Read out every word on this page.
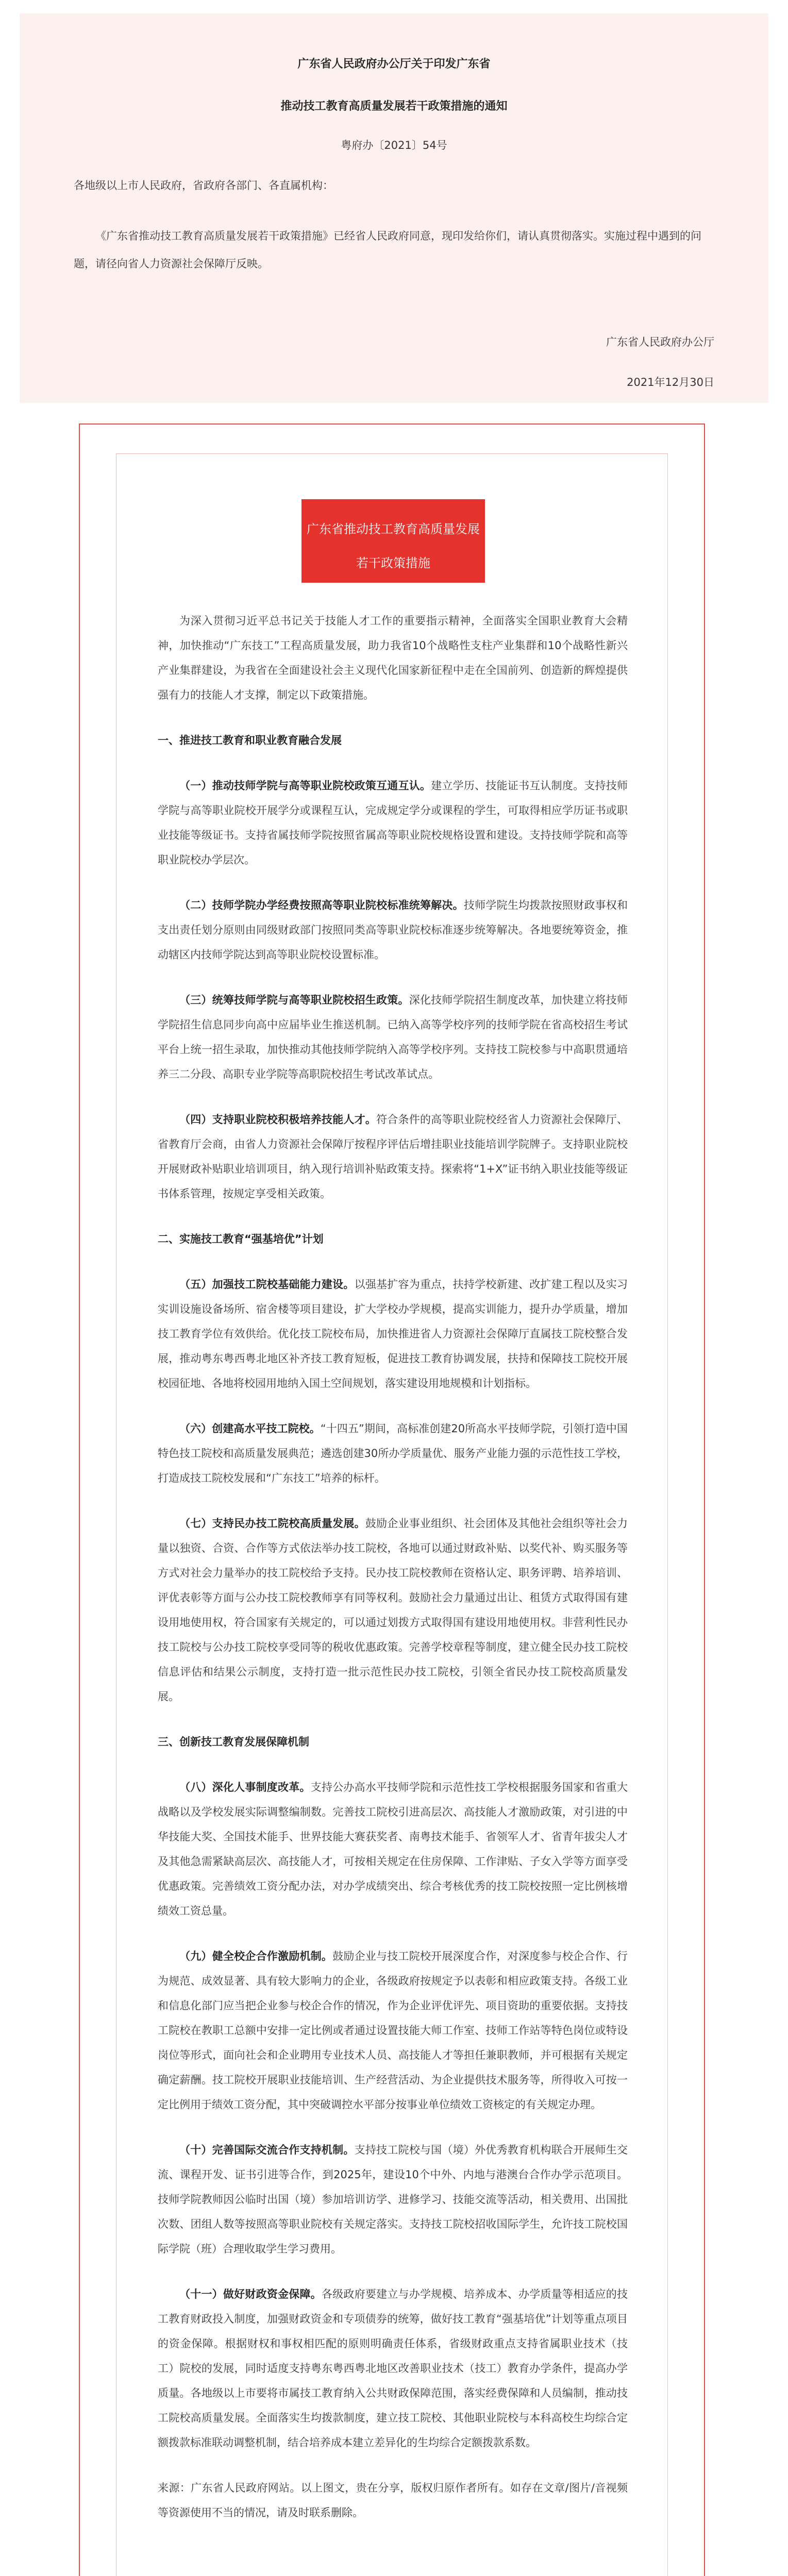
广东省人民政府办公厅关于印发广东省
推动技工教育高质量发展若干政策措施的通知
粤府办〔2021〕54号
各地级以上市人民政府，省政府各部门、各直属机构：
《广东省推动技工教育高质量发展若干政策措施》已经省人民政府同意，现印发给你们，请认真贯彻落实。实施过程中遇到的问题，请径向省人力资源社会保障厅反映。
广东省人民政府办公厅
2021年12月30日
广东省推动技工教育高质量发展
若干政策措施

为深入贯彻习近平总书记关于技能人才工作的重要指示精神，全面落实全国职业教育大会精神，加快推动“广东技工”工程高质量发展，助力我省10个战略性支柱产业集群和10个战略性新兴产业集群建设，为我省在全面建设社会主义现代化国家新征程中走在全国前列、创造新的辉煌提供强有力的技能人才支撑，制定以下政策措施。

一、推进技工教育和职业教育融合发展

（一）推动技师学院与高等职业院校政策互通互认。建立学历、技能证书互认制度。支持技师学院与高等职业院校开展学分或课程互认，完成规定学分或课程的学生，可取得相应学历证书或职业技能等级证书。支持省属技师学院按照省属高等职业院校规格设置和建设。支持技师学院和高等职业院校办学层次。

（二）技师学院办学经费按照高等职业院校标准统筹解决。技师学院生均拨款按照财政事权和支出责任划分原则由同级财政部门按照同类高等职业院校标准逐步统筹解决。各地要统筹资金，推动辖区内技师学院达到高等职业院校设置标准。

（三）统筹技师学院与高等职业院校招生政策。深化技师学院招生制度改革，加快建立将技师学院招生信息同步向高中应届毕业生推送机制。已纳入高等学校序列的技师学院在省高校招生考试平台上统一招生录取，加快推动其他技师学院纳入高等学校序列。支持技工院校参与中高职贯通培养三二分段、高职专业学院等高职院校招生考试改革试点。

（四）支持职业院校积极培养技能人才。符合条件的高等职业院校经省人力资源社会保障厅、省教育厅会商，由省人力资源社会保障厅按程序评估后增挂职业技能培训学院牌子。支持职业院校开展财政补贴职业培训项目，纳入现行培训补贴政策支持。探索将“1+X”证书纳入职业技能等级证书体系管理，按规定享受相关政策。

二、实施技工教育“强基培优”计划

（五）加强技工院校基础能力建设。以强基扩容为重点，扶持学校新建、改扩建工程以及实习实训设施设备场所、宿舍楼等项目建设，扩大学校办学规模，提高实训能力，提升办学质量，增加技工教育学位有效供给。优化技工院校布局，加快推进省人力资源社会保障厅直属技工院校整合发展，推动粤东粤西粤北地区补齐技工教育短板，促进技工教育协调发展，扶持和保障技工院校开展校园征地、各地将校园用地纳入国土空间规划，落实建设用地规模和计划指标。

（六）创建高水平技工院校。“十四五”期间，高标准创建20所高水平技师学院，引领打造中国特色技工院校和高质量发展典范；遴选创建30所办学质量优、服务产业能力强的示范性技工学校，打造成技工院校发展和“广东技工”培养的标杆。

（七）支持民办技工院校高质量发展。鼓励企业事业组织、社会团体及其他社会组织等社会力量以独资、合资、合作等方式依法举办技工院校，各地可以通过财政补贴、以奖代补、购买服务等方式对社会力量举办的技工院校给予支持。民办技工院校教师在资格认定、职务评聘、培养培训、评优表彰等方面与公办技工院校教师享有同等权利。鼓励社会力量通过出让、租赁方式取得国有建设用地使用权，符合国家有关规定的，可以通过划拨方式取得国有建设用地使用权。非营利性民办技工院校与公办技工院校享受同等的税收优惠政策。完善学校章程等制度，建立健全民办技工院校信息评估和结果公示制度，支持打造一批示范性民办技工院校，引领全省民办技工院校高质量发展。

三、创新技工教育发展保障机制

（八）深化人事制度改革。支持公办高水平技师学院和示范性技工学校根据服务国家和省重大战略以及学校发展实际调整编制数。完善技工院校引进高层次、高技能人才激励政策，对引进的中华技能大奖、全国技术能手、世界技能大赛获奖者、南粤技术能手、省领军人才、省青年拔尖人才及其他急需紧缺高层次、高技能人才，可按相关规定在住房保障、工作津贴、子女入学等方面享受优惠政策。完善绩效工资分配办法，对办学成绩突出、综合考核优秀的技工院校按照一定比例核增绩效工资总量。

（九）健全校企合作激励机制。鼓励企业与技工院校开展深度合作，对深度参与校企合作、行为规范、成效显著、具有较大影响力的企业，各级政府按规定予以表彰和相应政策支持。各级工业和信息化部门应当把企业参与校企合作的情况，作为企业评优评先、项目资助的重要依据。支持技工院校在教职工总额中安排一定比例或者通过设置技能大师工作室、技师工作站等特色岗位或特设岗位等形式，面向社会和企业聘用专业技术人员、高技能人才等担任兼职教师，并可根据有关规定确定薪酬。技工院校开展职业技能培训、生产经营活动、为企业提供技术服务等，所得收入可按一定比例用于绩效工资分配，其中突破调控水平部分按事业单位绩效工资核定的有关规定办理。

（十）完善国际交流合作支持机制。支持技工院校与国（境）外优秀教育机构联合开展师生交流、课程开发、证书引进等合作，到2025年，建设10个中外、内地与港澳台合作办学示范项目。技师学院教师因公临时出国（境）参加培训访学、进修学习、技能交流等活动，相关费用、出国批次数、团组人数等按照高等职业院校有关规定落实。支持技工院校招收国际学生，允许技工院校国际学院（班）合理收取学生学习费用。

（十一）做好财政资金保障。各级政府要建立与办学规模、培养成本、办学质量等相适应的技工教育财政投入制度，加强财政资金和专项债券的统筹，做好技工教育“强基培优”计划等重点项目的资金保障。根据财权和事权相匹配的原则明确责任体系，省级财政重点支持省属职业技术（技工）院校的发展，同时适度支持粤东粤西粤北地区改善职业技术（技工）教育办学条件，提高办学质量。各地级以上市要将市属技工教育纳入公共财政保障范围，落实经费保障和人员编制，推动技工院校高质量发展。全面落实生均拨款制度，建立技工院校、其他职业院校与本科高校生均综合定额拨款标准联动调整机制，结合培养成本建立差异化的生均综合定额拨款系数。

来源：广东省人民政府网站。以上图文，贵在分享，版权归原作者所有。如存在文章/图片/音视频等资源使用不当的情况，请及时联系删除。
